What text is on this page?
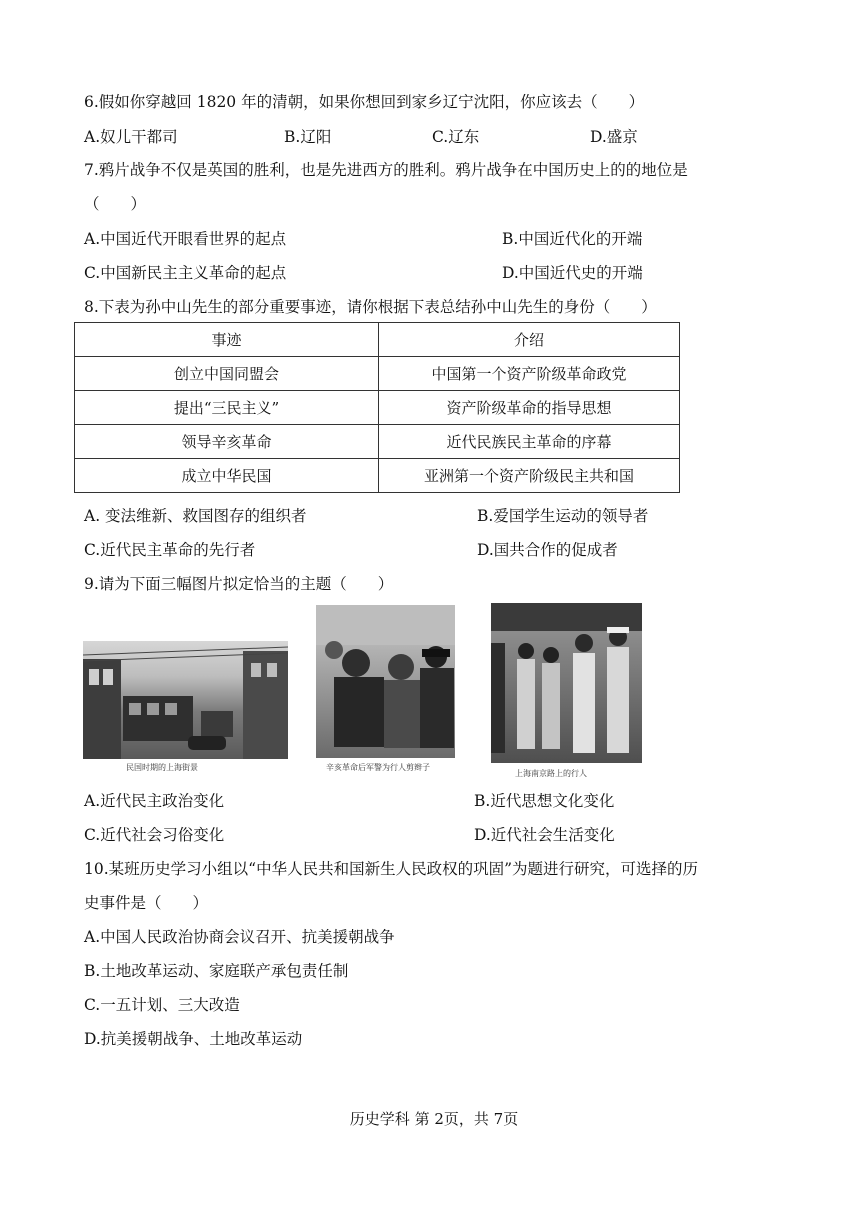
6.假如你穿越回 1820 年的清朝，如果你想回到家乡辽宁沈阳，你应该去（　　）
A.奴儿干都司	B.辽阳	C.辽东	D.盛京
7.鸦片战争不仅是英国的胜利，也是先进西方的胜利。鸦片战争在中国历史上的的地位是
（　　）
A.中国近代开眼看世界的起点	B.中国近代化的开端
C.中国新民主主义革命的起点	D.中国近代史的开端
8.下表为孙中山先生的部分重要事迹，请你根据下表总结孙中山先生的身份（　　）
事迹	介绍
创立中国同盟会	中国第一个资产阶级革命政党
提出“三民主义”	资产阶级革命的指导思想
领导辛亥革命	近代民族民主革命的序幕
成立中华民国	亚洲第一个资产阶级民主共和国
A. 变法维新、救国图存的组织者	B.爱国学生运动的领导者
C.近代民主革命的先行者	D.国共合作的促成者
9.请为下面三幅图片拟定恰当的主题（　　）
民国时期的上海街景	辛亥革命后军警为行人剪辫子
上海南京路上的行人
A.近代民主政治变化	B.近代思想文化变化
C.近代社会习俗变化	D.近代社会生活变化
10.某班历史学习小组以“中华人民共和国新生人民政权的巩固”为题进行研究，可选择的历
史事件是（　　）
A.中国人民政治协商会议召开、抗美援朝战争
B.土地改革运动、家庭联产承包责任制
C.一五计划、三大改造
D.抗美援朝战争、土地改革运动
历史学科 第 2页，共 7页
